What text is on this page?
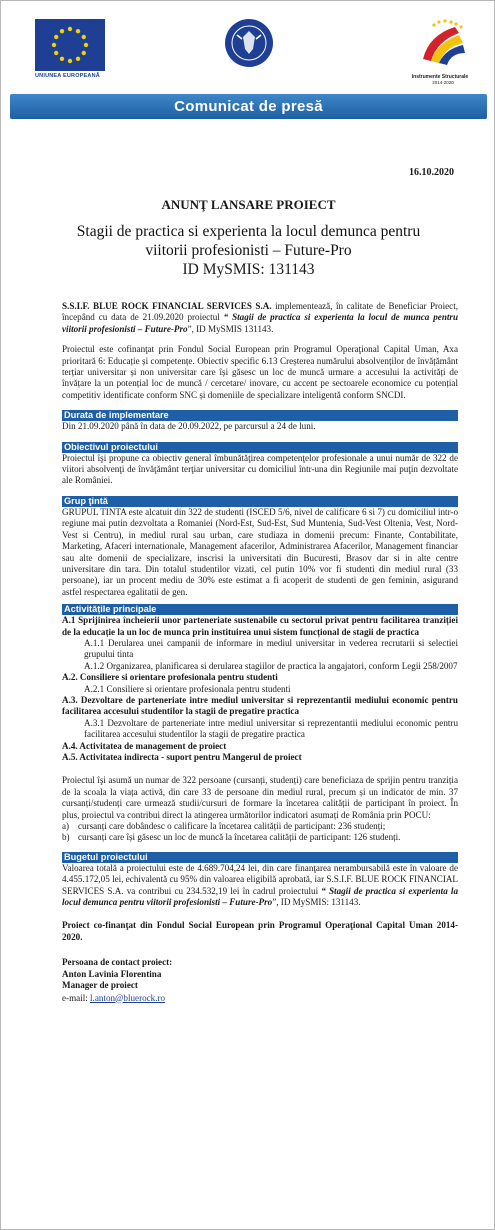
UNIUNEA EUROPEANĂ	Instrumente Structurale
2014-2020
Comunicat de presă
16.10.2020
ANUNŢ LANSARE PROIECT
Stagii de practica si experienta la locul demunca pentru viitorii profesionisti – Future-Pro
ID MySMIS: 131143
S.S.I.F. BLUE ROCK FINANCIAL SERVICES S.A. implementează, în calitate de Beneficiar Proiect, începând cu data de 21.09.2020 proiectul “ Stagii de practica si experienta la locul de munca pentru viitorii profesionisti – Future-Pro”, ID MySMIS 131143.
Proiectul este cofinanţat prin Fondul Social European prin Programul Operaţional Capital Uman, Axa prioritară 6: Educație și competențe. Obiectiv specific 6.13 Creșterea numărului absolvenților de învățământ terțiar universitar și non universitar care își găsesc un loc de muncă urmare a accesului la activități de învățare la un potențial loc de muncă / cercetare/ inovare, cu accent pe sectoarele economice cu potențial competitiv identificate conform SNC și domeniile de specializare inteligentă conform SNCDI.
Durata de implementare
Din 21.09.2020 până în data de 20.09.2022, pe parcursul a 24 de luni.
Obiectivul proiectului
Proiectul îşi propune ca obiectiv general îmbunătăţirea competenţelor profesionale a unui număr de 322 de viitori absolvenţi de învăţământ terţiar universitar cu domiciliul într-una din Regiunile mai puţin dezvoltate ale României.
Grup ţintă
GRUPUL TINTA este alcatuit din 322 de studenti (ISCED 5/6, nivel de calificare 6 si 7) cu domiciliul intr-o regiune mai putin dezvoltata a Romaniei (Nord-Est, Sud-Est, Sud Muntenia, Sud-Vest Oltenia, Vest, Nord-Vest si Centru), in mediul rural sau urban, care studiaza in domenii precum: Finante, Contabilitate, Marketing, Afaceri internationale, Management afacerilor, Administrarea Afacerilor, Management financiar sau alte domenii de specializare, inscrisi la universitati din Bucuresti, Brasov dar si in alte centre universitare din tara. Din totalul studentilor vizati, cel putin 10% vor fi studenti din mediul rural (33 persoane), iar un procent mediu de 30% este estimat a fi acoperit de studenti de gen feminin, asigurand astfel respectarea egalitatii de gen.
Activitățile principale
A.1 Sprijinirea încheierii unor parteneriate sustenabile cu sectorul privat pentru facilitarea tranziției de la educație la un loc de munca prin instituirea unui sistem funcțional de stagii de practica
A.1.1 Derularea unei campanii de informare in mediul universitar in vederea recrutarii si selectiei grupului tinta
A.1.2 Organizarea, planificarea si derularea stagiilor de practica la angajatori, conform Legii 258/2007
A.2. Consiliere si orientare profesionala pentru studenti
A.2.1 Consiliere si orientare profesionala pentru studenti
A.3. Dezvoltare de parteneriate intre mediul universitar si reprezentantii mediului economic pentru facilitarea accesului studentilor la stagii de pregatire practica
A.3.1 Dezvoltare de parteneriate intre mediul universitar si reprezentantii mediului economic pentru facilitarea accesului studentilor la stagii de pregatire practica
A.4. Activitatea de management de proiect
A.5. Activitatea indirecta - suport pentru Mangerul de proiect
Proiectul îşi asumă un numar de 322 persoane (cursanți, studenți) care beneficiaza de sprijin pentru tranziția de la scoala la viața activă, din care 33 de persoane din mediul rural, precum și un indicator de min. 37 cursanți/studenți care urmează studii/cursuri de formare la încetarea calității de participant în proiect. În plus, proiectul va contribui direct la atingerea următorilor indicatori asumați de România prin POCU:
a) cursanți care dobândesc o calificare la încetarea calității de participant: 236 studenți;
b) cursanți care își găsesc un loc de muncă la încetarea calității de participant: 126 studenți.
Bugetul proiectului
Valoarea totală a proiectului este de 4.689.704,24 lei, din care finanţarea nerambursabilă este în valoare de 4.455.172,05 lei, echivalentă cu 95% din valoarea eligibilă aprobată, iar S.S.I.F. BLUE ROCK FINANCIAL SERVICES S.A. va contribui cu 234.532,19 lei în cadrul proiectului “ Stagii de practica si experienta la locul demunca pentru viitorii profesionisti – Future-Pro”, ID MySMIS: 131143.
Proiect co-finanţat din Fondul Social European prin Programul Operaţional Capital Uman 2014-2020.
Persoana de contact proiect:
Anton Lavinia Florentina
Manager de proiect
e-mail: l.anton@bluerock.ro
